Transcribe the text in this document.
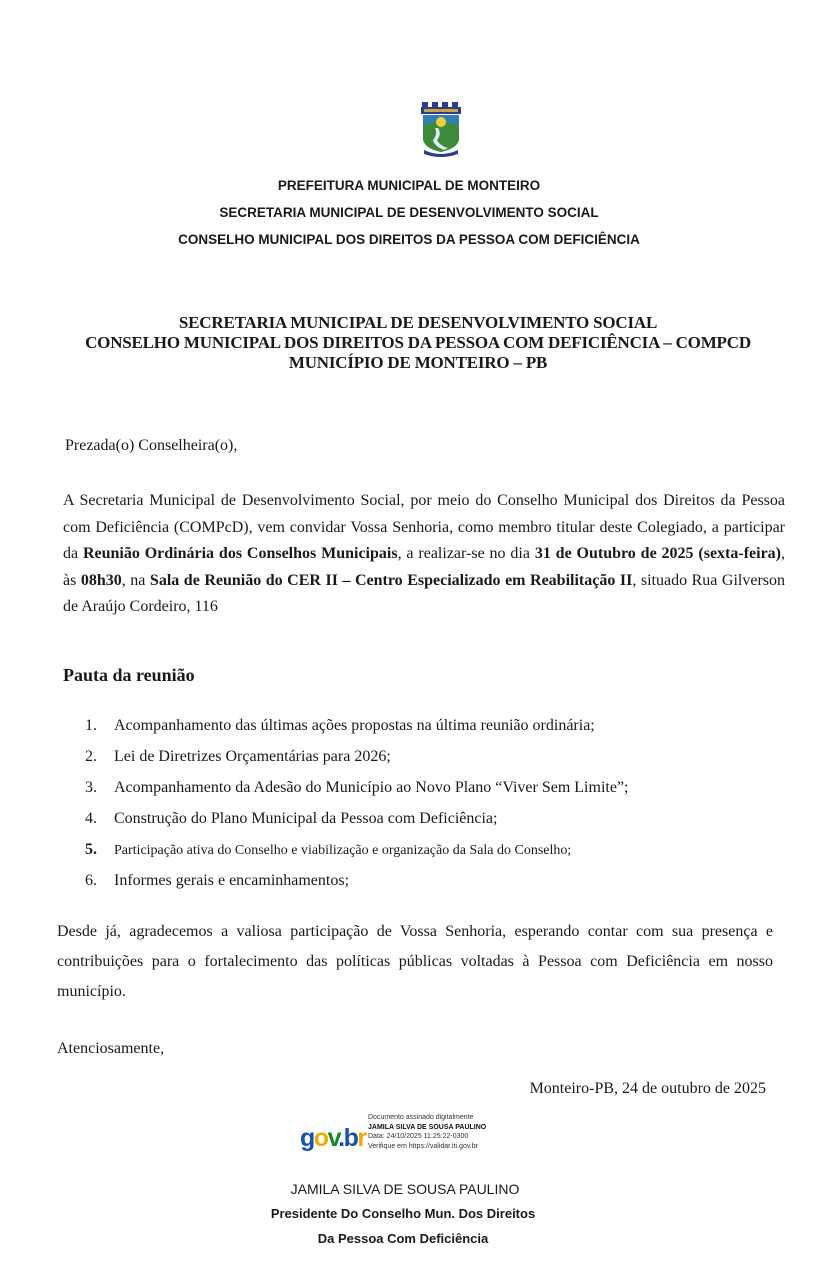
PREFEITURA MUNICIPAL DE MONTEIRO
SECRETARIA MUNICIPAL DE DESENVOLVIMENTO SOCIAL
CONSELHO MUNICIPAL DOS DIREITOS DA PESSOA COM DEFICIÊNCIA
SECRETARIA MUNICIPAL DE DESENVOLVIMENTO SOCIAL
CONSELHO MUNICIPAL DOS DIREITOS DA PESSOA COM DEFICIÊNCIA – COMPCD
MUNICÍPIO DE MONTEIRO – PB
Prezada(o) Conselheira(o),
A Secretaria Municipal de Desenvolvimento Social, por meio do Conselho Municipal dos Direitos da Pessoa com Deficiência (COMPcD), vem convidar Vossa Senhoria, como membro titular deste Colegiado, a participar da Reunião Ordinária dos Conselhos Municipais, a realizar-se no dia 31 de Outubro de 2025 (sexta-feira), às 08h30, na Sala de Reunião do CER II – Centro Especializado em Reabilitação II, situado Rua Gilverson de Araújo Cordeiro, 116
Pauta da reunião
1.	Acompanhamento das últimas ações propostas na última reunião ordinária;
2.	Lei de Diretrizes Orçamentárias para 2026;
3.	Acompanhamento da Adesão do Município ao Novo Plano “Viver Sem Limite”;
4.	Construção do Plano Municipal da Pessoa com Deficiência;
5.	Participação ativa do Conselho e viabilização e organização da Sala do Conselho;
6.	Informes gerais e encaminhamentos;
Desde já, agradecemos a valiosa participação de Vossa Senhoria, esperando contar com sua presença e contribuições para o fortalecimento das políticas públicas voltadas à Pessoa com Deficiência em nosso município.
Atenciosamente,
Monteiro-PB, 24 de outubro de 2025
gov.br
Documento assinado digitalmente
JAMILA SILVA DE SOUSA PAULINO
Data: 24/10/2025 11:25:22-0300
Verifique em https://validar.iti.gov.br
JAMILA SILVA DE SOUSA PAULINO
Presidente Do Conselho Mun. Dos Direitos
Da Pessoa Com Deficiência
